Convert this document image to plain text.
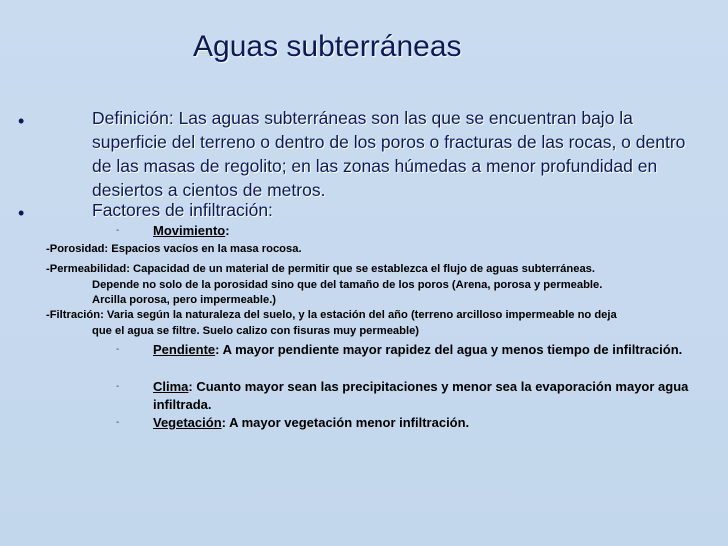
Aguas subterráneas
•	Definición: Las aguas subterráneas son las que se encuentran bajo la superficie del terreno o dentro de los poros o fracturas de las rocas, o dentro de las masas de regolito; en las zonas húmedas a menor profundidad en desiertos a cientos de metros.
•	Factores de infiltración:
-	Movimiento:
-Porosidad: Espacios vacíos en la masa rocosa.
-Permeabilidad: Capacidad de un material de permitir que se establezca el flujo de aguas subterráneas.
Depende no solo de la porosidad sino que del tamaño de los poros (Arena, porosa y permeable.
Arcilla porosa, pero impermeable.)
-Filtración: Varia según la naturaleza del suelo, y la estación del año (terreno arcilloso impermeable no deja
que el agua se filtre. Suelo calizo con fisuras muy permeable)
-	Pendiente: A mayor pendiente mayor rapidez del agua y menos tiempo de infiltración.
-	Clima: Cuanto mayor sean las precipitaciones y menor sea la evaporación mayor agua infiltrada.
-	Vegetación: A mayor vegetación menor infiltración.
